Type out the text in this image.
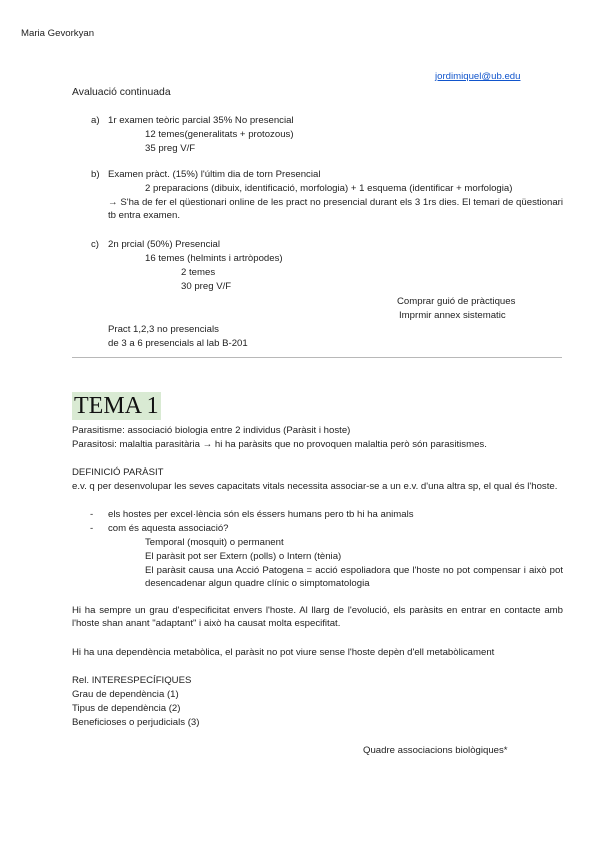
Maria Gevorkyan
jordimiquel@ub.edu
Avaluació continuada
a) 1r examen teòric parcial 35% No presencial
12 temes(generalitats + protozous)
35 preg V/F
b) Examen pràct. (15%) l'últim dia de torn Presencial
2 preparacions (dibuix, identificació, morfologia) + 1 esquema (identificar + morfologia)
→ S'ha de fer el qüestionari online de les pract no presencial durant els 3 1rs dies. El temari de qüestionari tb entra examen.
c) 2n prcial (50%) Presencial
16 temes (helmints i artròpodes)
2 temes
30 preg V/F
Comprar guió de pràctiques
Imprmir annex sistematic
Pract 1,2,3 no presencials
de 3 a 6 presencials al lab B-201
TEMA 1
Parasitisme: associació biologia entre 2 individus (Paràsit i hoste)
Parasitosi: malaltia parasitària → hi ha paràsits que no provoquen malaltia però són parasitismes.
DEFINICIÓ PARÀSIT
e.v. q per desenvolupar les seves capacitats vitals necessita associar-se a un e.v. d'una altra sp, el qual és l'hoste.
- els hostes per excel·lència són els éssers humans pero tb hi ha animals
- com és aquesta associació?
Temporal (mosquit) o permanent
El paràsit pot ser Extern (polls) o Intern (tènia)
El paràsit causa una Acció Patogena = acció espoliadora que l'hoste no pot compensar i això pot desencadenar algun quadre clínic o simptomatologia
Hi ha sempre un grau d'especificitat envers l'hoste. Al llarg de l'evolució, els paràsits en entrar en contacte amb l'hoste shan anant "adaptant" i això ha causat molta especifitat.
Hi ha una dependència metabòlica, el paràsit no pot viure sense l'hoste depèn d'ell metabòlicament
Rel. INTERESPECÍFIQUES
Grau de dependència (1)
Tipus de dependència (2)
Beneficioses o perjudicials (3)
Quadre associacions biològiques*
